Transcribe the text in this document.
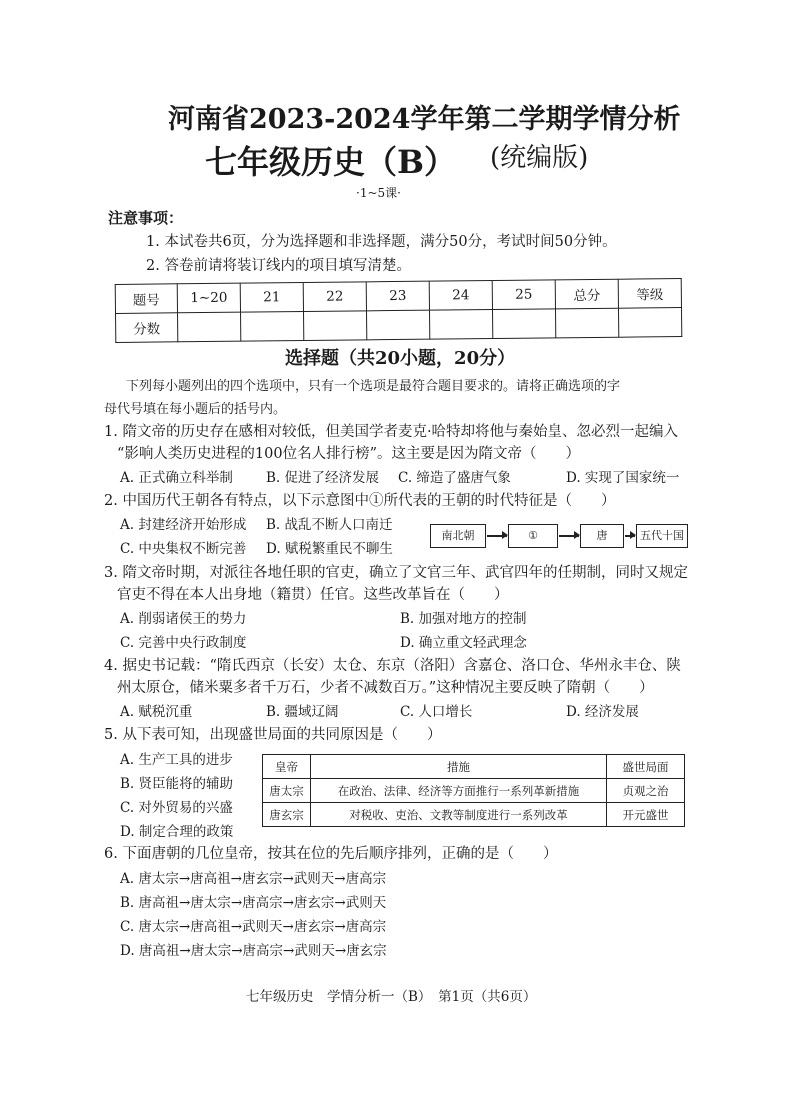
河南省2023-2024学年第二学期学情分析
七年级历史（B） (统编版)
·1~5课·
注意事项：
1. 本试卷共6页，分为选择题和非选择题，满分50分，考试时间50分钟。
2. 答卷前请将装订线内的项目填写清楚。
题号	1~20	21	22	23	24	25	总分	等级
分数								
选择题（共20小题，20分）
下列每小题列出的四个选项中，只有一个选项是最符合题目要求的。请将正确选项的字
母代号填在每小题后的括号内。
1. 隋文帝的历史存在感相对较低，但美国学者麦克·哈特却将他与秦始皇、忽必烈一起编入
“影响人类历史进程的100位名人排行榜”。这主要是因为隋文帝（　　）
A. 正式确立科举制 B. 促进了经济发展 C. 缔造了盛唐气象	D. 实现了国家统一
2. 中国历代王朝各有特点，以下示意图中①所代表的王朝的时代特征是（　　）
A. 封建经济开始形成 B. 战乱不断人口南迁
C. 中央集权不断完善 D. 赋税繁重民不聊生
南北朝	①	唐	五代十国
3. 隋文帝时期，对派往各地任职的官吏，确立了文官三年、武官四年的任期制，同时又规定
官吏不得在本人出身地（籍贯）任官。这些改革旨在（　　）
A. 削弱诸侯王的势力	B. 加强对地方的控制
C. 完善中央行政制度	D. 确立重文轻武理念
4. 据史书记载：“隋氏西京（长安）太仓、东京（洛阳）含嘉仓、洛口仓、华州永丰仓、陕
州太原仓，储米粟多者千万石，少者不减数百万。”这种情况主要反映了隋朝（　　）
A. 赋税沉重	B. 疆域辽阔	C. 人口增长	D. 经济发展
5. 从下表可知，出现盛世局面的共同原因是（　　）
A. 生产工具的进步
B. 贤臣能将的辅助
C. 对外贸易的兴盛
D. 制定合理的政策
皇帝	措施	盛世局面
唐太宗	在政治、法律、经济等方面推行一系列革新措施	贞观之治
唐玄宗	对税收、吏治、文教等制度进行一系列改革	开元盛世
6. 下面唐朝的几位皇帝，按其在位的先后顺序排列，正确的是（　　）
A. 唐太宗→唐高祖→唐玄宗→武则天→唐高宗
B. 唐高祖→唐太宗→唐高宗→唐玄宗→武则天
C. 唐太宗→唐高祖→武则天→唐玄宗→唐高宗
D. 唐高祖→唐太宗→唐高宗→武则天→唐玄宗
七年级历史　学情分析一（B）　第1页（共6页）
